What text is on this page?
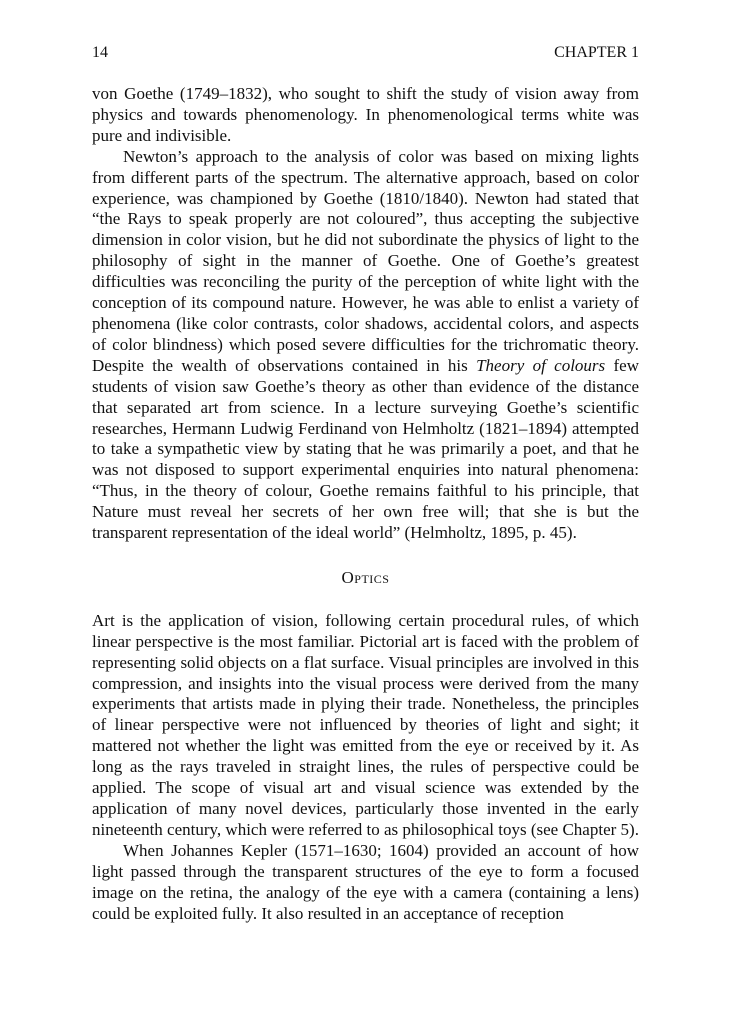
14	CHAPTER 1

von Goethe (1749–1832), who sought to shift the study of vision away from physics and towards phenomenology. In phenomenological terms white was pure and indivisible.

Newton’s approach to the analysis of color was based on mixing lights from different parts of the spectrum. The alternative approach, based on color experience, was championed by Goethe (1810/1840). Newton had stated that “the Rays to speak properly are not coloured”, thus accepting the subjective dimension in color vision, but he did not subordinate the physics of light to the philosophy of sight in the manner of Goethe. One of Goethe’s greatest difficulties was reconciling the purity of the perception of white light with the conception of its compound nature. However, he was able to enlist a variety of phenomena (like color contrasts, color shadows, accidental colors, and aspects of color blindness) which posed severe difficulties for the trichromatic theory. Despite the wealth of observations contained in his Theory of colours few students of vision saw Goethe’s theory as other than evidence of the distance that separated art from science. In a lecture surveying Goethe’s scientific researches, Hermann Ludwig Ferdinand von Helmholtz (1821–1894) attempted to take a sympathetic view by stating that he was primarily a poet, and that he was not disposed to support experimental enquiries into natural phenomena: “Thus, in the theory of colour, Goethe remains faithful to his principle, that Nature must reveal her secrets of her own free will; that she is but the transparent representation of the ideal world” (Helmholtz, 1895, p. 45).

Optics

Art is the application of vision, following certain procedural rules, of which linear perspective is the most familiar. Pictorial art is faced with the problem of representing solid objects on a flat surface. Visual principles are involved in this compression, and insights into the visual process were derived from the many experiments that artists made in plying their trade. Nonetheless, the principles of linear perspective were not influenced by theories of light and sight; it mattered not whether the light was emitted from the eye or received by it. As long as the rays traveled in straight lines, the rules of perspective could be applied. The scope of visual art and visual science was extended by the application of many novel devices, particularly those invented in the early nineteenth century, which were referred to as philosophical toys (see Chapter 5).

When Johannes Kepler (1571–1630; 1604) provided an account of how light passed through the transparent structures of the eye to form a focused image on the retina, the analogy of the eye with a camera (containing a lens) could be exploited fully. It also resulted in an acceptance of reception
